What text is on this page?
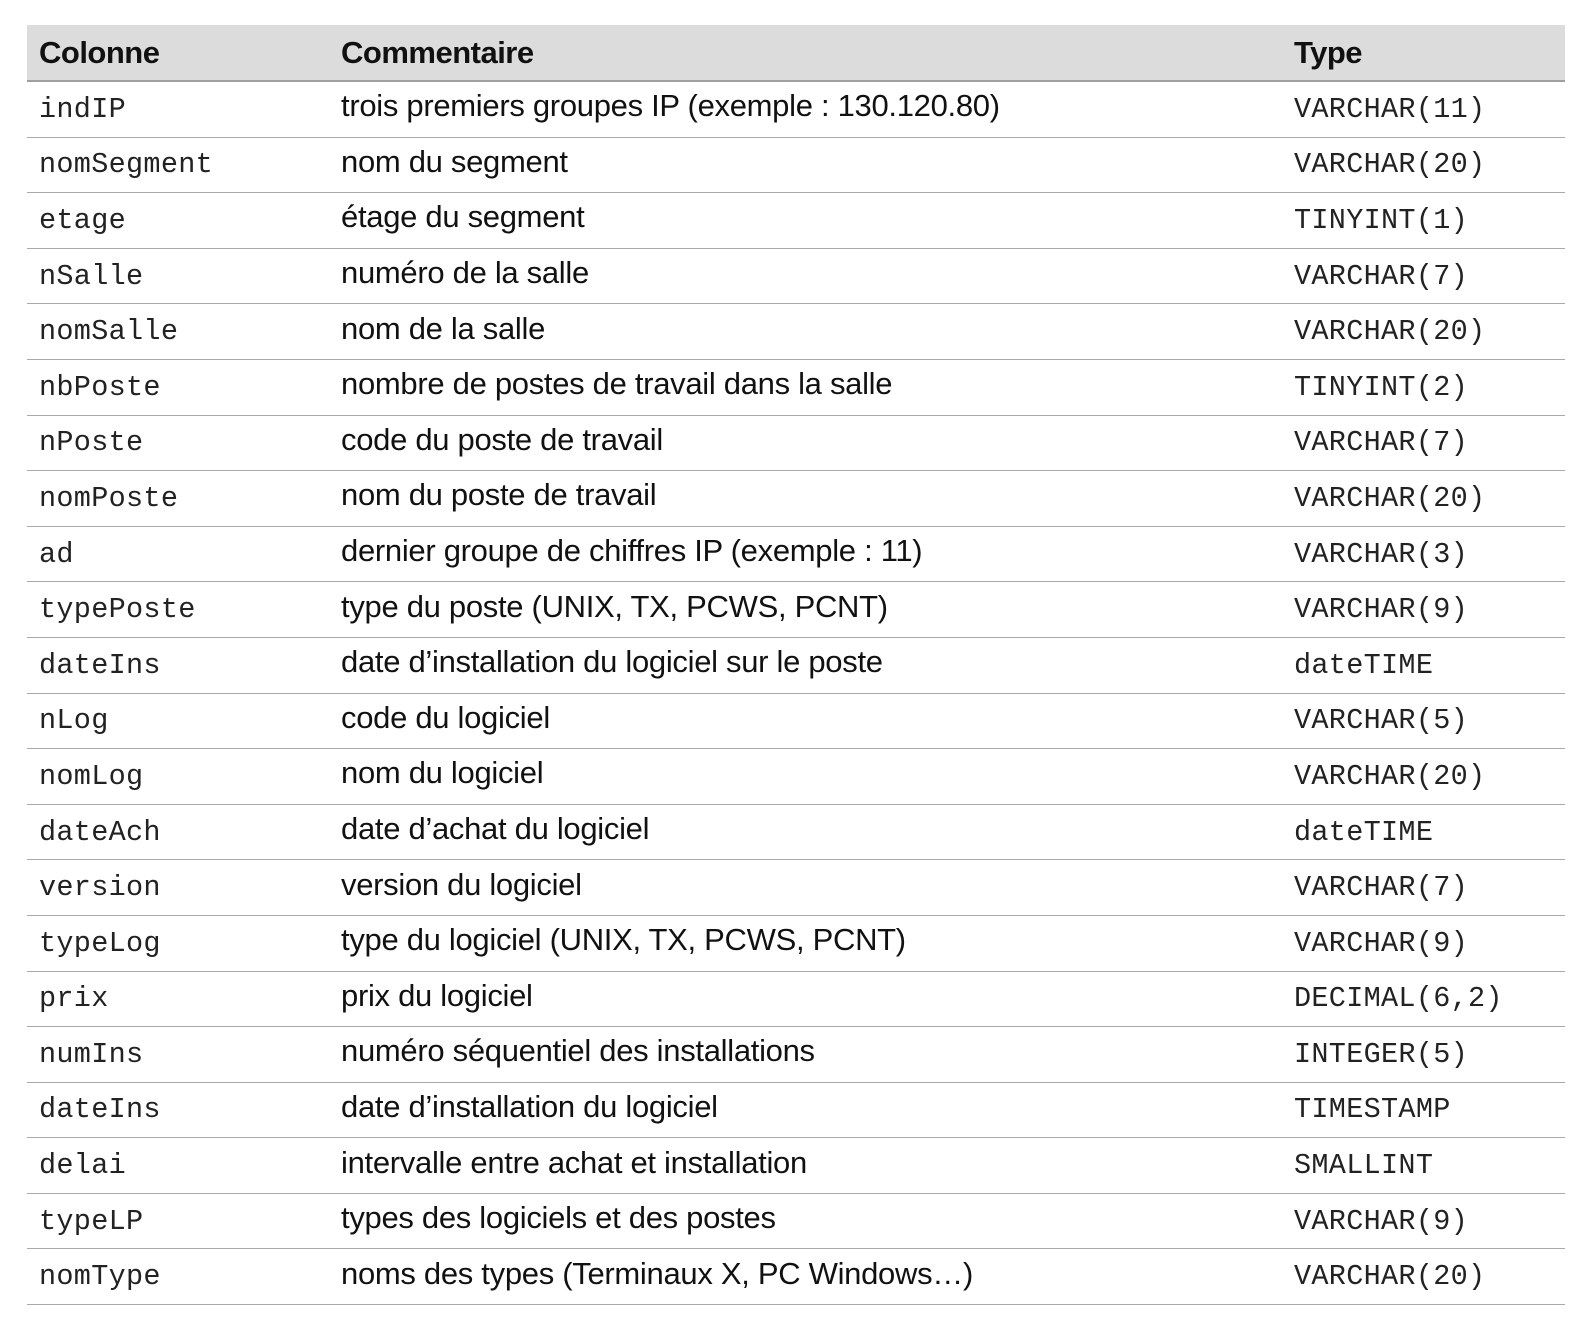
Colonne	Commentaire	Type
indIP	trois premiers groupes IP (exemple : 130.120.80)	VARCHAR(11)
nomSegment	nom du segment	VARCHAR(20)
etage	étage du segment	TINYINT(1)
nSalle	numéro de la salle	VARCHAR(7)
nomSalle	nom de la salle	VARCHAR(20)
nbPoste	nombre de postes de travail dans la salle	TINYINT(2)
nPoste	code du poste de travail	VARCHAR(7)
nomPoste	nom du poste de travail	VARCHAR(20)
ad	dernier groupe de chiffres IP (exemple : 11)	VARCHAR(3)
typePoste	type du poste (UNIX, TX, PCWS, PCNT)	VARCHAR(9)
dateIns	date d’installation du logiciel sur le poste	dateTIME
nLog	code du logiciel	VARCHAR(5)
nomLog	nom du logiciel	VARCHAR(20)
dateAch	date d’achat du logiciel	dateTIME
version	version du logiciel	VARCHAR(7)
typeLog	type du logiciel (UNIX, TX, PCWS, PCNT)	VARCHAR(9)
prix	prix du logiciel	DECIMAL(6,2)
numIns	numéro séquentiel des installations	INTEGER(5)
dateIns	date d’installation du logiciel	TIMESTAMP
delai	intervalle entre achat et installation	SMALLINT
typeLP	types des logiciels et des postes	VARCHAR(9)
nomType	noms des types (Terminaux X, PC Windows…)	VARCHAR(20)
